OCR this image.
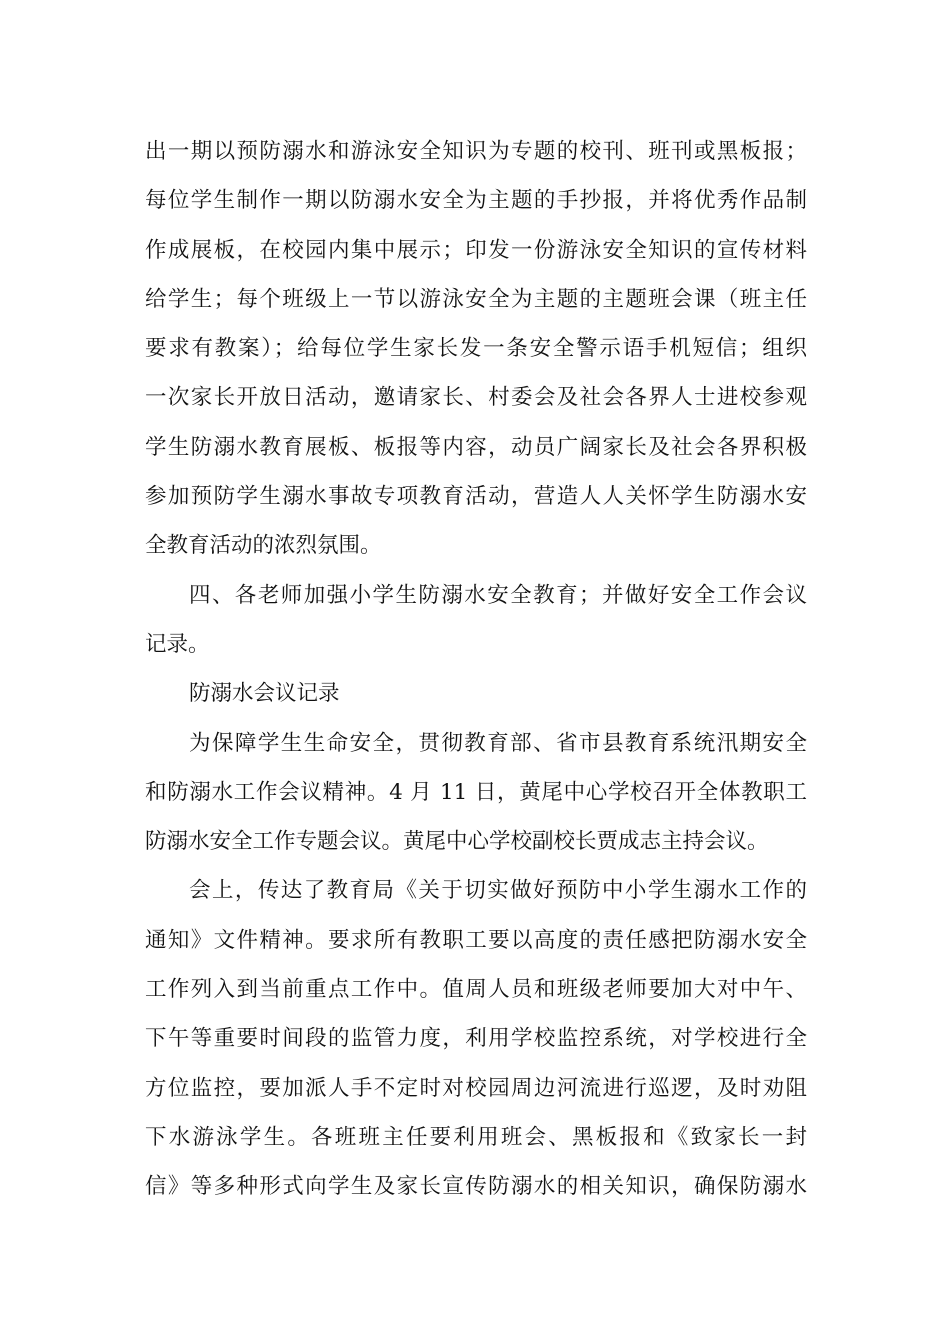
出一期以预防溺水和游泳安全知识为专题的校刊、班刊或黑板报；
每位学生制作一期以防溺水安全为主题的手抄报，并将优秀作品制
作成展板，在校园内集中展示；印发一份游泳安全知识的宣传材料
给学生；每个班级上一节以游泳安全为主题的主题班会课（班主任
要求有教案）；给每位学生家长发一条安全警示语手机短信；组织
一次家长开放日活动，邀请家长、村委会及社会各界人士进校参观
学生防溺水教育展板、板报等内容，动员广阔家长及社会各界积极
参加预防学生溺水事故专项教育活动，营造人人关怀学生防溺水安
全教育活动的浓烈氛围。
四、各老师加强小学生防溺水安全教育；并做好安全工作会议
记录。
防溺水会议记录
为保障学生生命安全，贯彻教育部、省市县教育系统汛期安全
和防溺水工作会议精神。4 月 11 日，黄尾中心学校召开全体教职工
防溺水安全工作专题会议。黄尾中心学校副校长贾成志主持会议。
会上，传达了教育局《关于切实做好预防中小学生溺水工作的
通知》文件精神。要求所有教职工要以高度的责任感把防溺水安全
工作列入到当前重点工作中。值周人员和班级老师要加大对中午、
下午等重要时间段的监管力度，利用学校监控系统，对学校进行全
方位监控，要加派人手不定时对校园周边河流进行巡逻，及时劝阻
下水游泳学生。各班班主任要利用班会、黑板报和《致家长一封
信》等多种形式向学生及家长宣传防溺水的相关知识，确保防溺水
